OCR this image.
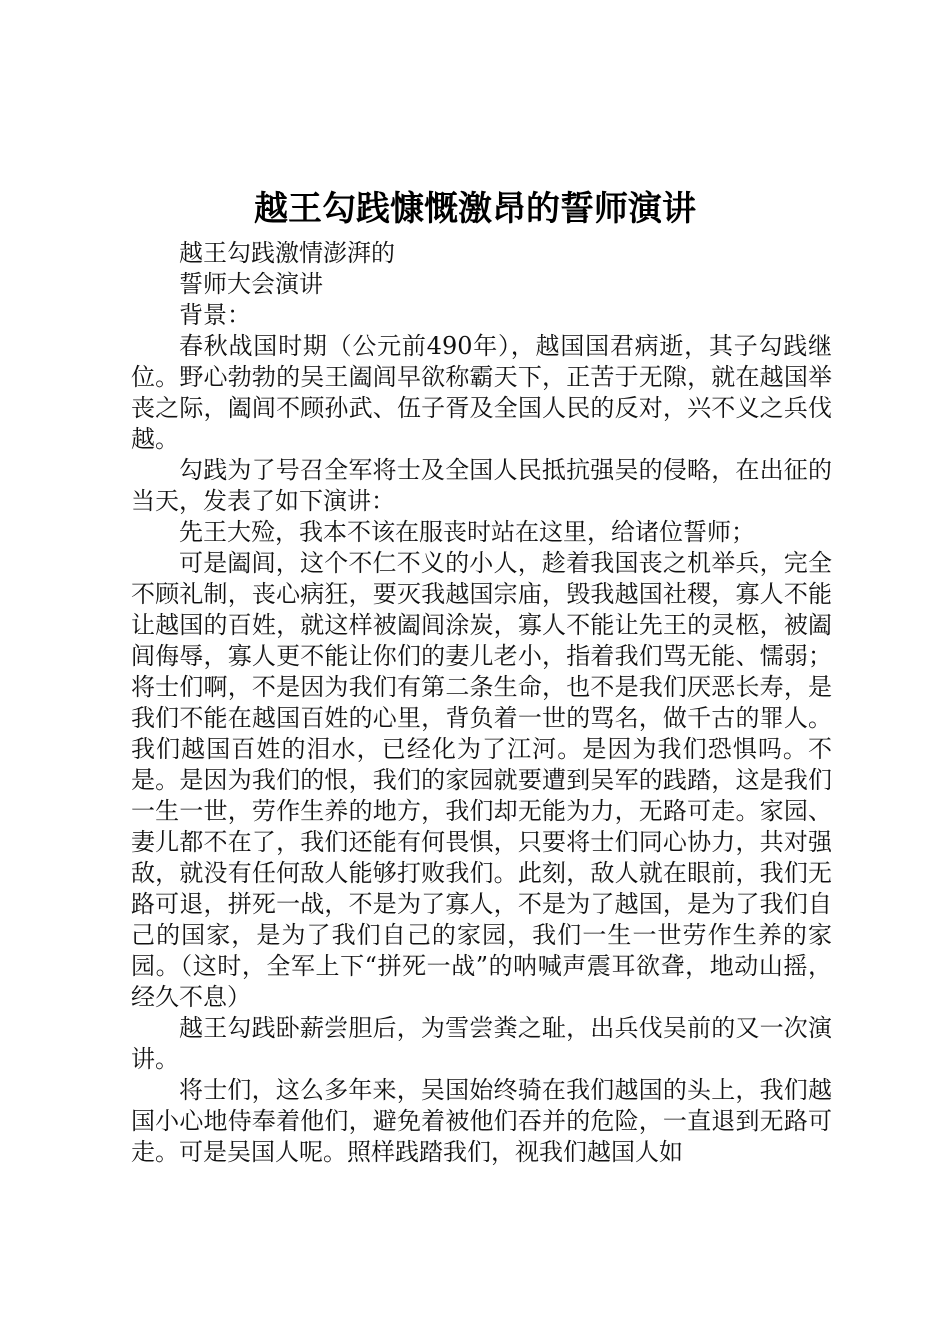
越王勾践慷慨激昂的誓师演讲

越王勾践激情澎湃的

誓师大会演讲

背景：

春秋战国时期（公元前490年），越国国君病逝，其子勾践继位。野心勃勃的吴王阖闾早欲称霸天下，正苦于无隙，就在越国举丧之际，阖闾不顾孙武、伍子胥及全国人民的反对，兴不义之兵伐越。

勾践为了号召全军将士及全国人民抵抗强吴的侵略，在出征的当天，发表了如下演讲：

先王大殓，我本不该在服丧时站在这里，给诸位誓师；

可是阖闾，这个不仁不义的小人，趁着我国丧之机举兵，完全不顾礼制，丧心病狂，要灭我越国宗庙，毁我越国社稷，寡人不能让越国的百姓，就这样被阖闾涂炭，寡人不能让先王的灵柩，被阖闾侮辱，寡人更不能让你们的妻儿老小，指着我们骂无能、懦弱；将士们啊，不是因为我们有第二条生命，也不是我们厌恶长寿，是我们不能在越国百姓的心里，背负着一世的骂名，做千古的罪人。我们越国百姓的泪水，已经化为了江河。是因为我们恐惧吗。不是。是因为我们的恨，我们的家园就要遭到吴军的践踏，这是我们一生一世，劳作生养的地方，我们却无能为力，无路可走。家园、妻儿都不在了，我们还能有何畏惧，只要将士们同心协力，共对强敌，就没有任何敌人能够打败我们。此刻，敌人就在眼前，我们无路可退，拼死一战，不是为了寡人，不是为了越国，是为了我们自己的国家，是为了我们自己的家园，我们一生一世劳作生养的家园。（这时，全军上下“拼死一战”的呐喊声震耳欲聋，地动山摇，经久不息）

越王勾践卧薪尝胆后，为雪尝粪之耻，出兵伐吴前的又一次演讲。

将士们，这么多年来，吴国始终骑在我们越国的头上，我们越国小心地侍奉着他们，避免着被他们吞并的危险，一直退到无路可走。可是吴国人呢。照样践踏我们，视我们越国人如
